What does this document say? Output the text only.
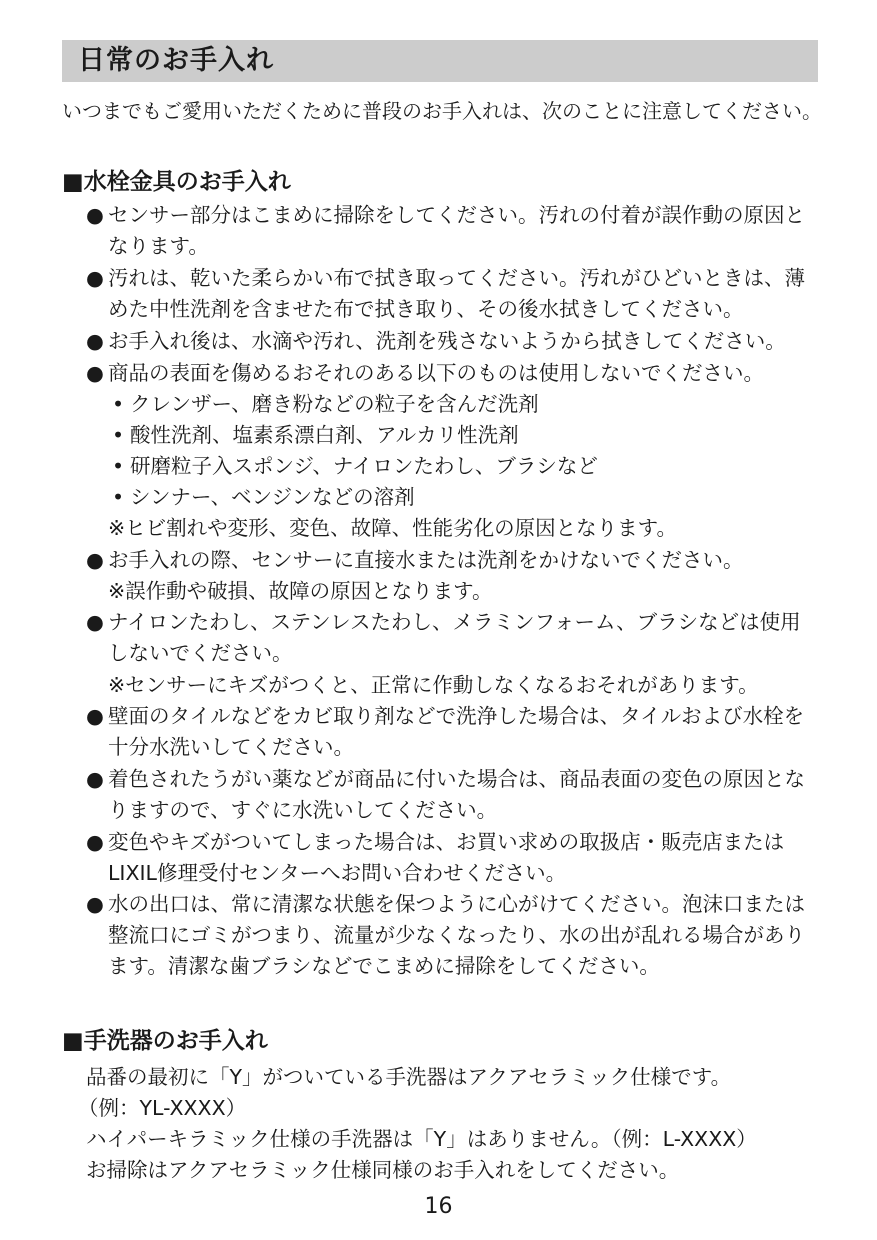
日常のお手入れ
いつまでもご愛用いただくために普段のお手入れは、次のことに注意してください。
■水栓金具のお手入れ
● センサー部分はこまめに掃除をしてください。汚れの付着が誤作動の原因となります。
● 汚れは、乾いた柔らかい布で拭き取ってください。汚れがひどいときは、薄めた中性洗剤を含ませた布で拭き取り、その後水拭きしてください。
● お手入れ後は、水滴や汚れ、洗剤を残さないようから拭きしてください。
● 商品の表面を傷めるおそれのある以下のものは使用しないでください。
• クレンザー、磨き粉などの粒子を含んだ洗剤
• 酸性洗剤、塩素系漂白剤、アルカリ性洗剤
• 研磨粒子入スポンジ、ナイロンたわし、ブラシなど
• シンナー、ベンジンなどの溶剤
※ヒビ割れや変形、変色、故障、性能劣化の原因となります。
● お手入れの際、センサーに直接水または洗剤をかけないでください。
※誤作動や破損、故障の原因となります。
● ナイロンたわし、ステンレスたわし、メラミンフォーム、ブラシなどは使用しないでください。
※センサーにキズがつくと、正常に作動しなくなるおそれがあります。
● 壁面のタイルなどをカビ取り剤などで洗浄した場合は、タイルおよび水栓を十分水洗いしてください。
● 着色されたうがい薬などが商品に付いた場合は、商品表面の変色の原因となりますので、すぐに水洗いしてください。
● 変色やキズがついてしまった場合は、お買い求めの取扱店・販売店またはLIXIL修理受付センターへお問い合わせください。
● 水の出口は、常に清潔な状態を保つように心がけてください。泡沫口または整流口にゴミがつまり、流量が少なくなったり、水の出が乱れる場合があります。清潔な歯ブラシなどでこまめに掃除をしてください。
■手洗器のお手入れ
品番の最初に「Y」がついている手洗器はアクアセラミック仕様です。
（例：YL-XXXX）
ハイパーキラミック仕様の手洗器は「Y」はありません。（例：L-XXXX）
お掃除はアクアセラミック仕様同様のお手入れをしてください。
16
